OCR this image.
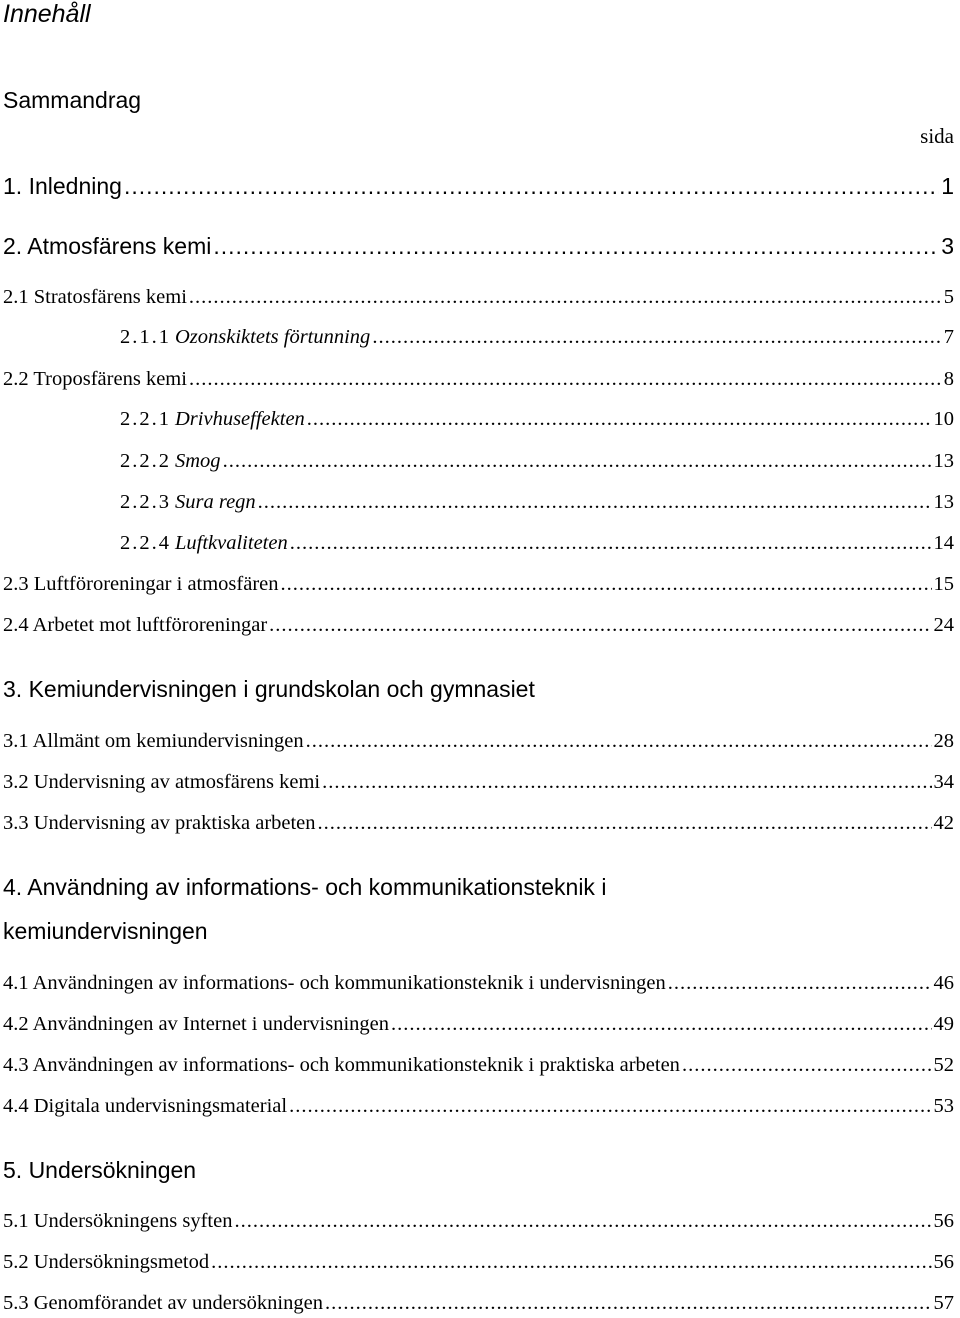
Innehåll
Sammandrag
sida
1. Inledning .....	1
2. Atmosfärens kemi .....	3
2.1 Stratosfärens kemi .....	5
2.1.1 Ozonskiktets förtunning .....	7
2.2 Troposfärens kemi .....	8
2.2.1 Drivhuseffekten .....	10
2.2.2 Smog .....	13
2.2.3 Sura regn .....	13
2.2.4 Luftkvaliteten .....	14
2.3 Luftföroreningar i atmosfären .....	15
2.4 Arbetet mot luftföroreningar .....	24
3. Kemiundervisningen i grundskolan och gymnasiet
3.1 Allmänt om kemiundervisningen .....	28
3.2 Undervisning av atmosfärens kemi .....	34
3.3 Undervisning av praktiska arbeten .....	42
4. Användning av informations- och kommunikationsteknik i
kemiundervisningen
4.1 Användningen av informations- och kommunikationsteknik i undervisningen .....	46
4.2 Användningen av Internet i undervisningen .....	49
4.3 Användningen av informations- och kommunikationsteknik i praktiska arbeten .....	52
4.4 Digitala undervisningsmaterial .....	53
5. Undersökningen
5.1 Undersökningens syften .....	56
5.2 Undersökningsmetod .....	56
5.3 Genomförandet av undersökningen .....	57
